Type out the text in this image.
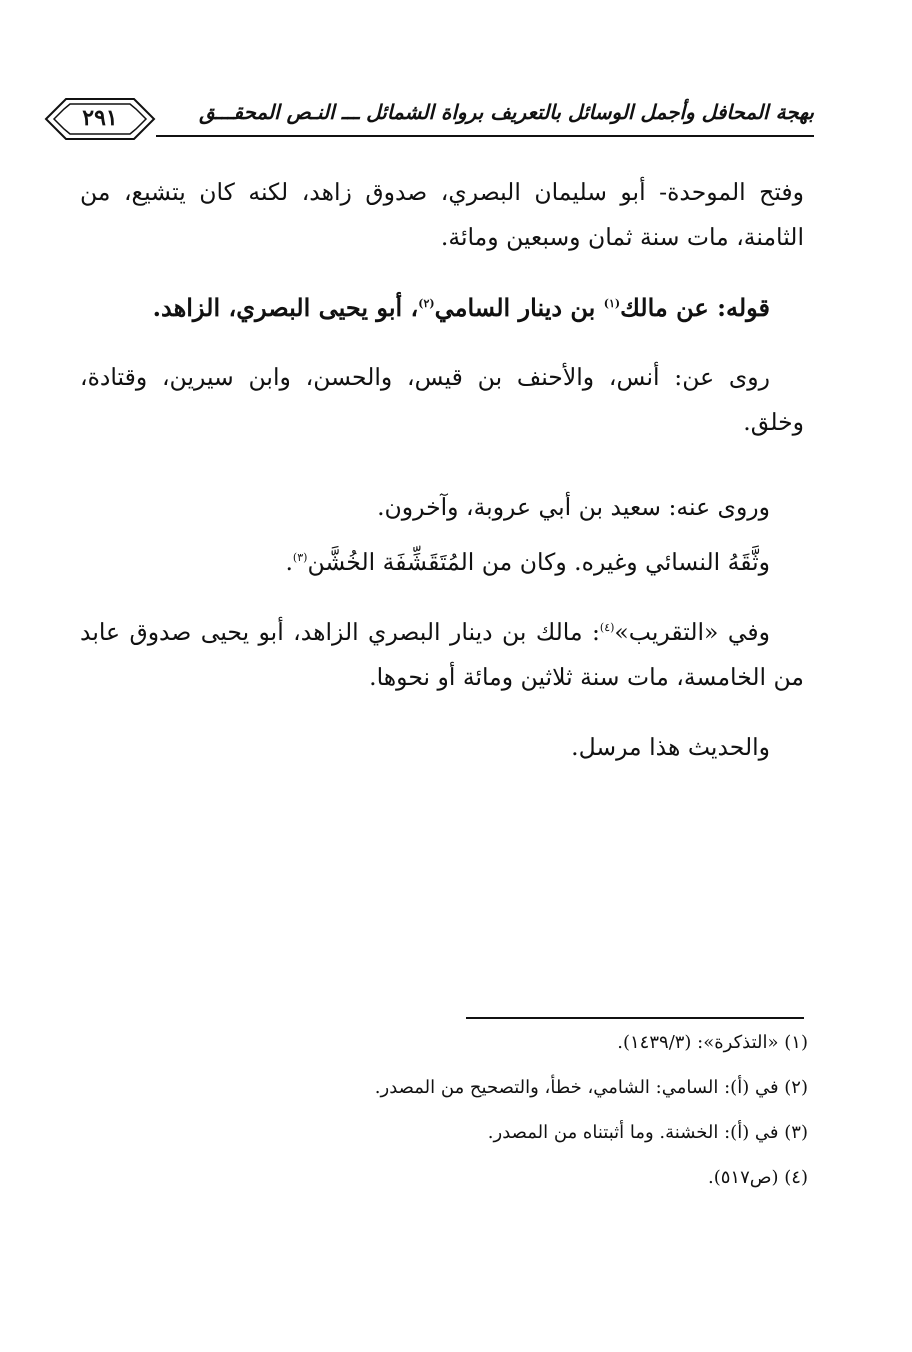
بهجة المحافل وأجمل الوسائل بالتعريف برواة الشمائل ـــ النـص المحقـــق
٢٩١

وفتح الموحدة- أبو سليمان البصري، صدوق زاهد، لكنه كان يتشيع، من الثامنة، مات سنة ثمان وسبعين ومائة.

قوله: عن مالك$^{(١)}$ بن دينار السامي$^{(٢)}$، أبو يحيى البصري، الزاهد.

روى عن: أنس، والأحنف بن قيس، والحسن، وابن سيرين، وقتادة، وخلق.

وروى عنه: سعيد بن أبي عروبة، وآخرون.

وثَّقَهُ النسائي وغيره. وكان من المُتَقَشِّفَة الخُشَّن$^{(٣)}$.

وفي «التقريب»$^{(٤)}$: مالك بن دينار البصري الزاهد، أبو يحيى صدوق عابد من الخامسة، مات سنة ثلاثين ومائة أو نحوها.

والحديث هذا مرسل.

(١) «التذكرة»: (١٤٣٩/٣).
(٢) في (أ): السامي: الشامي، خطأ، والتصحيح من المصدر.
(٣) في (أ): الخشنة. وما أثبتناه من المصدر.
(٤) (ص٥١٧).
